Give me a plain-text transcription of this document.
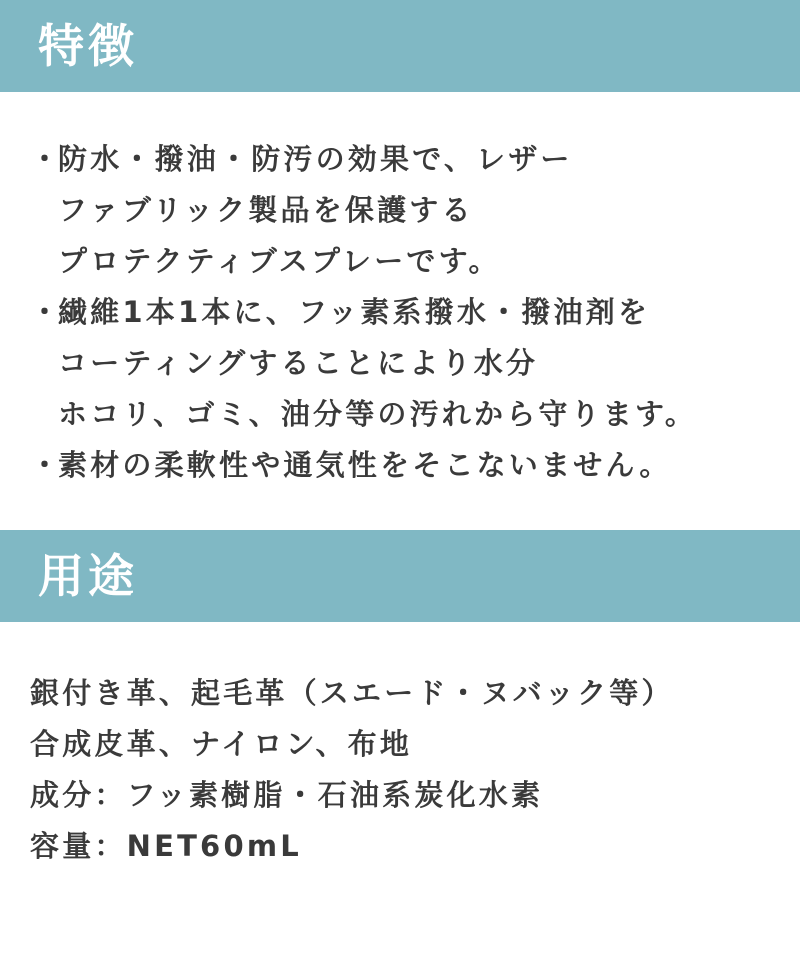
特徴
・
防水・撥油・防汚の効果で、レザー
ファブリック製品を保護する
プロテクティブスプレーです。
・
繊維1本1本に、フッ素系撥水・撥油剤を
コーティングすることにより水分
ホコリ、ゴミ、油分等の汚れから守ります。
・
素材の柔軟性や通気性をそこないません。
用途
銀付き革、起毛革（スエード・ヌバック等）
合成皮革、ナイロン、布地
成分：フッ素樹脂・石油系炭化水素
容量：NET60mL
